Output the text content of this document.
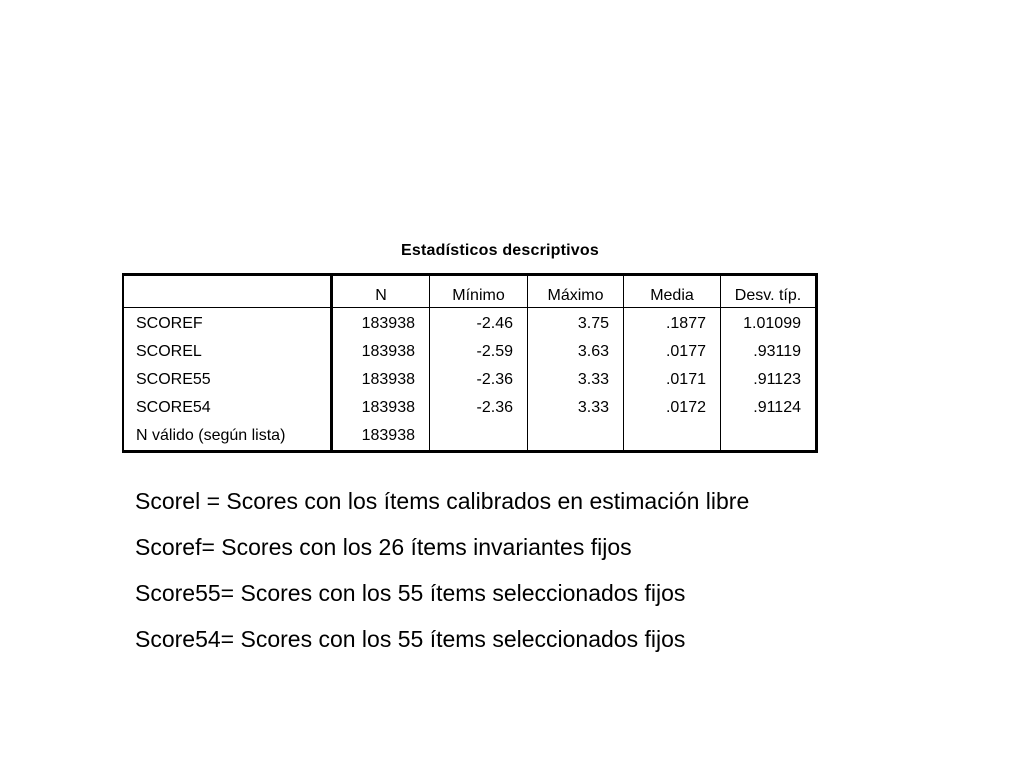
Estadísticos descriptivos
	N	Mínimo	Máximo	Media	Desv. típ.
SCOREF	183938	-2.46	3.75	.1877	1.01099
SCOREL	183938	-2.59	3.63	.0177	.93119
SCORE55	183938	-2.36	3.33	.0171	.91123
SCORE54	183938	-2.36	3.33	.0172	.91124
N válido (según lista)	183938				
Scorel = Scores con los ítems calibrados en estimación libre
Scoref= Scores con los 26 ítems invariantes fijos
Score55= Scores con los 55 ítems seleccionados fijos
Score54= Scores con los 55 ítems seleccionados fijos
